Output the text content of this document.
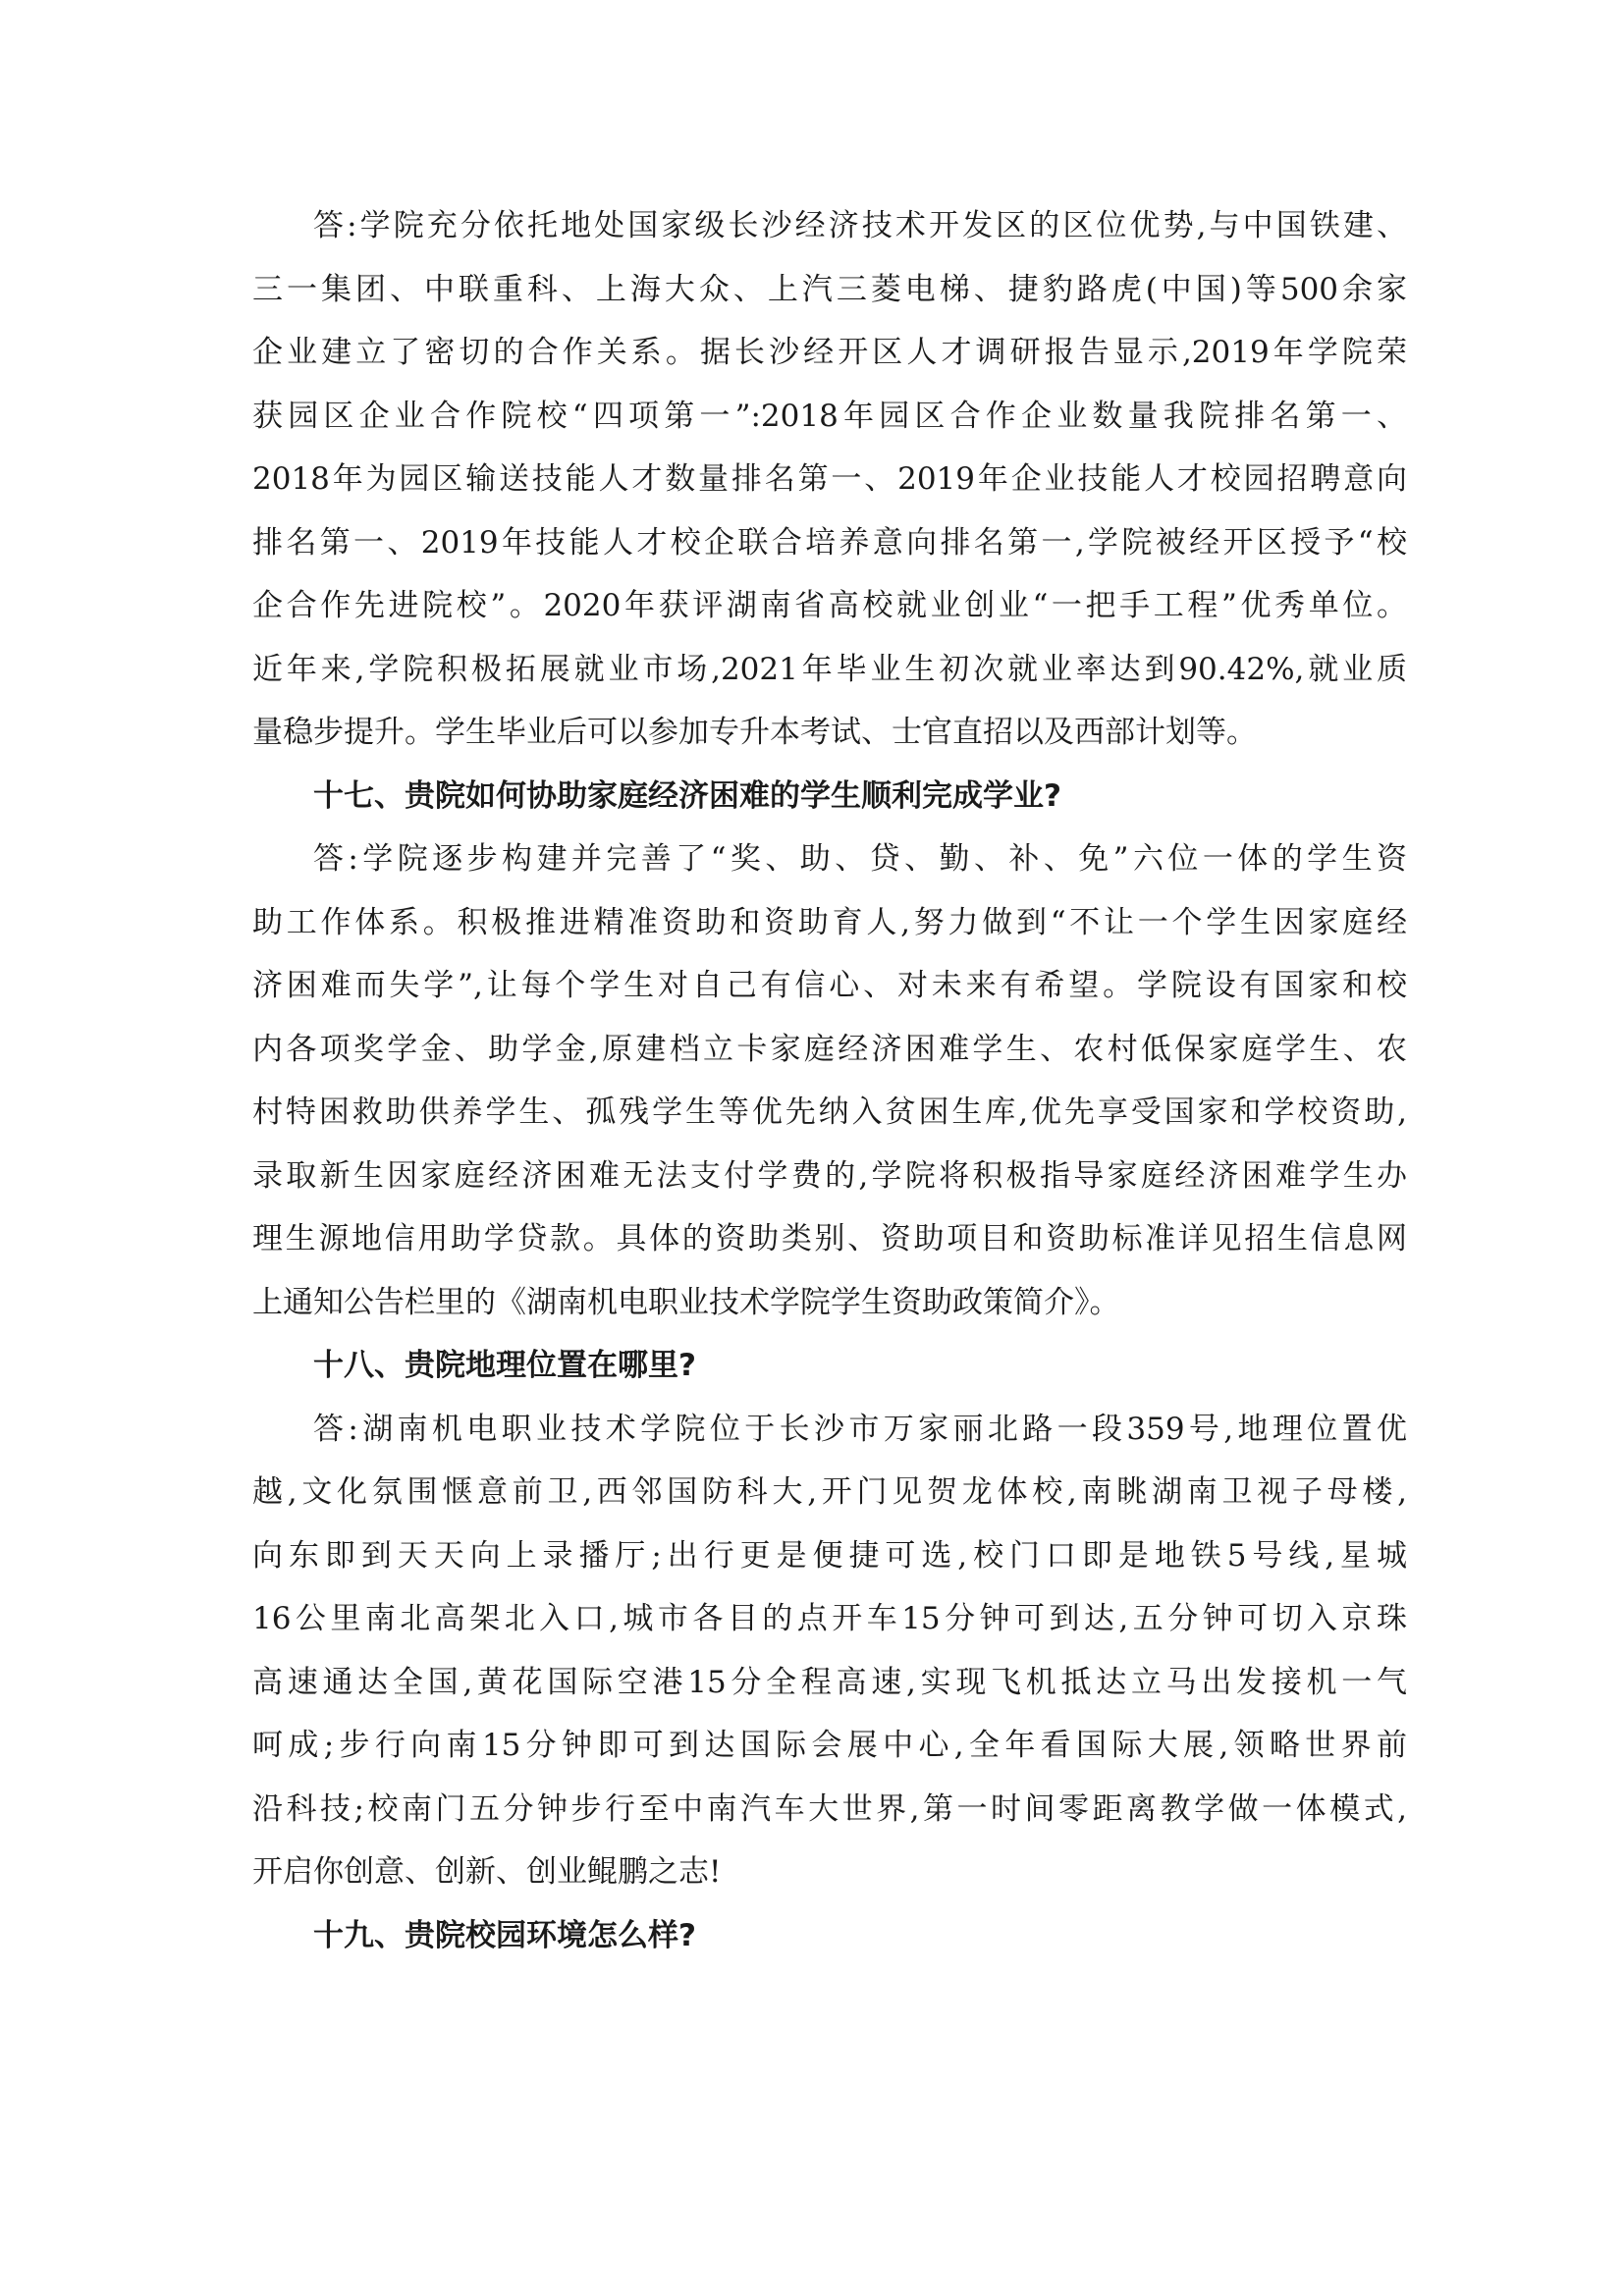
答:学院充分依托地处国家级长沙经济技术开发区的区位优势,与中国铁建、
三一集团、中联重科、上海大众、上汽三菱电梯、捷豹路虎(中国)等500余家
企业建立了密切的合作关系。据长沙经开区人才调研报告显示,2019年学院荣
获园区企业合作院校“四项第一”:2018年园区合作企业数量我院排名第一、
2018年为园区输送技能人才数量排名第一、2019年企业技能人才校园招聘意向
排名第一、2019年技能人才校企联合培养意向排名第一,学院被经开区授予“校
企合作先进院校”。2020年获评湖南省高校就业创业“一把手工程”优秀单位。
近年来,学院积极拓展就业市场,2021年毕业生初次就业率达到90.42%,就业质
量稳步提升。学生毕业后可以参加专升本考试、士官直招以及西部计划等。
十七、贵院如何协助家庭经济困难的学生顺利完成学业?
答:学院逐步构建并完善了“奖、助、贷、勤、补、免”六位一体的学生资
助工作体系。积极推进精准资助和资助育人,努力做到“不让一个学生因家庭经
济困难而失学”,让每个学生对自己有信心、对未来有希望。学院设有国家和校
内各项奖学金、助学金,原建档立卡家庭经济困难学生、农村低保家庭学生、农
村特困救助供养学生、孤残学生等优先纳入贫困生库,优先享受国家和学校资助,
录取新生因家庭经济困难无法支付学费的,学院将积极指导家庭经济困难学生办
理生源地信用助学贷款。具体的资助类别、资助项目和资助标准详见招生信息网
上通知公告栏里的《湖南机电职业技术学院学生资助政策简介》。
十八、贵院地理位置在哪里?
答:湖南机电职业技术学院位于长沙市万家丽北路一段359号,地理位置优
越,文化氛围惬意前卫,西邻国防科大,开门见贺龙体校,南眺湖南卫视子母楼,
向东即到天天向上录播厅;出行更是便捷可选,校门口即是地铁5号线,星城
16公里南北高架北入口,城市各目的点开车15分钟可到达,五分钟可切入京珠
高速通达全国,黄花国际空港15分全程高速,实现飞机抵达立马出发接机一气
呵成;步行向南15分钟即可到达国际会展中心,全年看国际大展,领略世界前
沿科技;校南门五分钟步行至中南汽车大世界,第一时间零距离教学做一体模式,
开启你创意、创新、创业鲲鹏之志!
十九、贵院校园环境怎么样?
